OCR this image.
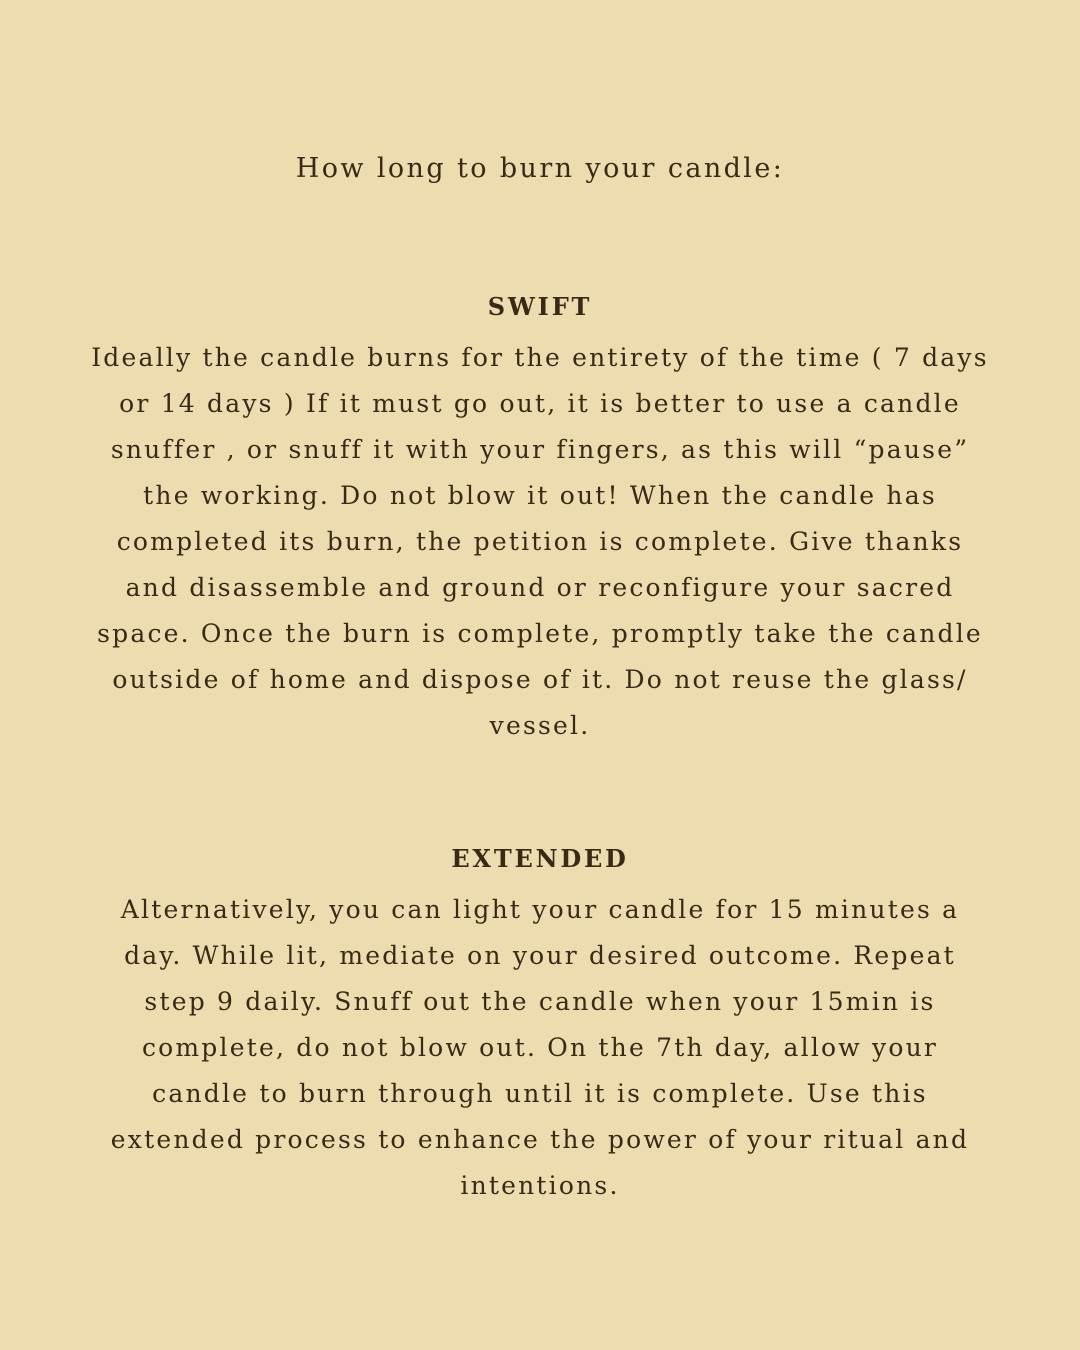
How long to burn your candle:
SWIFT

Ideally the candle burns for the entirety of the time ( 7 days or 14 days ) If it must go out, it is better to use a candle snuffer , or snuff it with your fingers, as this will “pause” the working. Do not blow it out! When the candle has completed its burn, the petition is complete. Give thanks and disassemble and ground or reconfigure your sacred space. Once the burn is complete, promptly take the candle outside of home and dispose of it. Do not reuse the glass/ vessel.

EXTENDED

Alternatively, you can light your candle for 15 minutes a day. While lit, mediate on your desired outcome. Repeat step 9 daily. Snuff out the candle when your 15min is complete, do not blow out. On the 7th day, allow your candle to burn through until it is complete. Use this extended process to enhance the power of your ritual and intentions.
